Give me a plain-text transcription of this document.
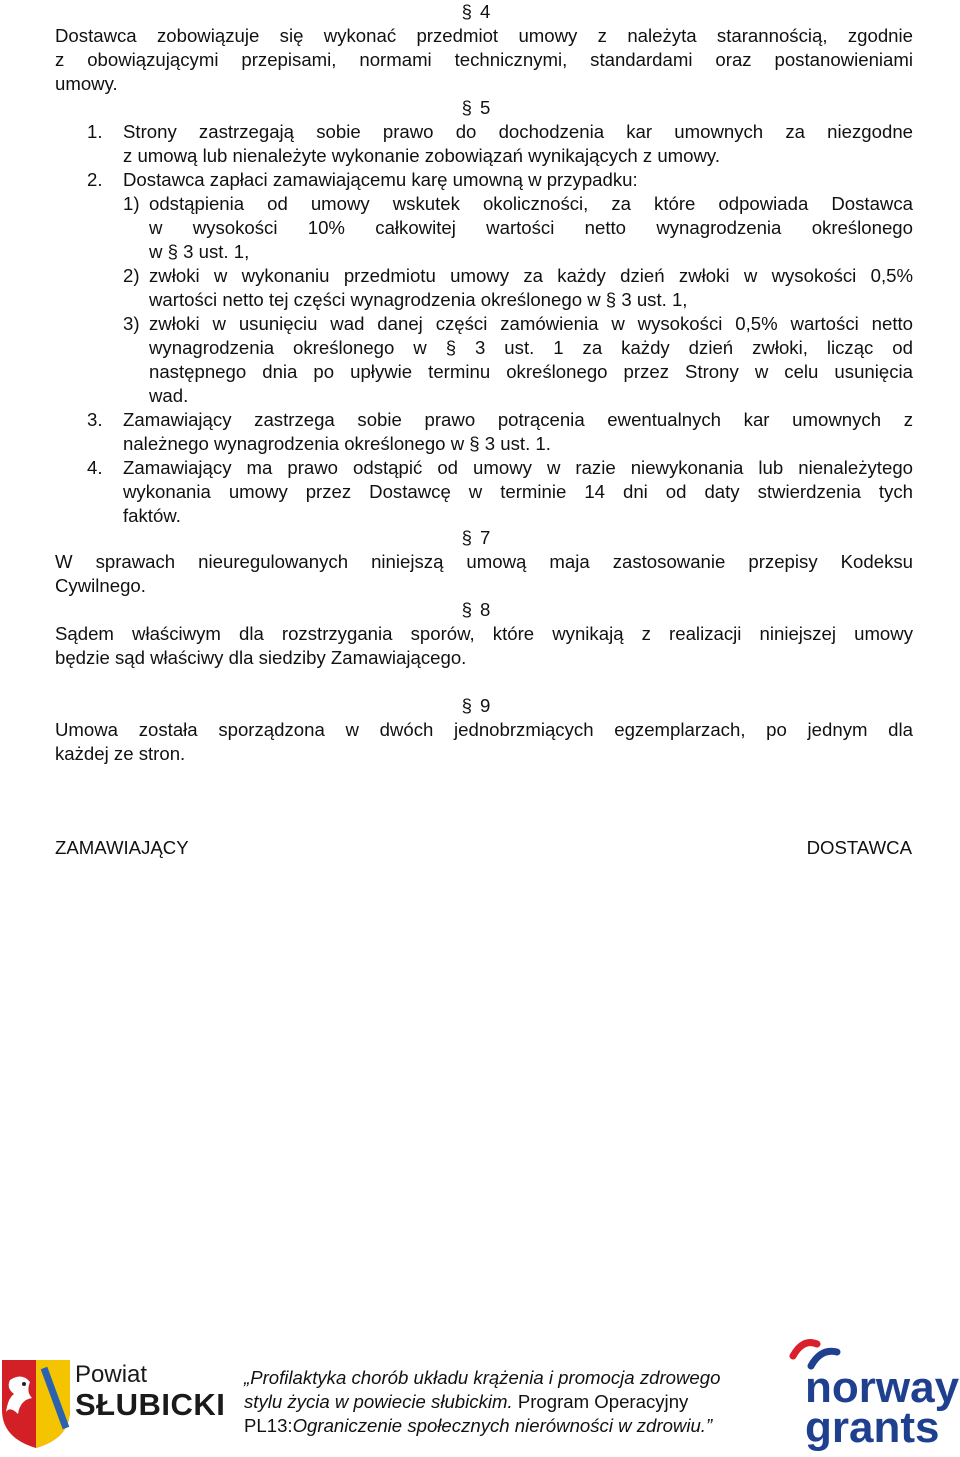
§ 4
Dostawca zobowiązuje się wykonać przedmiot umowy z należyta starannością, zgodnie
z obowiązującymi przepisami, normami technicznymi, standardami oraz postanowieniami
umowy.
§ 5
1. Strony zastrzegają sobie prawo do dochodzenia kar umownych za niezgodne
z umową lub nienależyte wykonanie zobowiązań wynikających z umowy.
2. Dostawca zapłaci zamawiającemu karę umowną w przypadku:
1) odstąpienia od umowy wskutek okoliczności, za które odpowiada Dostawca
w wysokości 10% całkowitej wartości netto wynagrodzenia określonego
w § 3 ust. 1,
2) zwłoki w wykonaniu przedmiotu umowy za każdy dzień zwłoki w wysokości 0,5%
wartości netto tej części wynagrodzenia określonego w § 3 ust. 1,
3) zwłoki w usunięciu wad danej części zamówienia w wysokości 0,5% wartości netto
wynagrodzenia określonego w § 3 ust. 1 za każdy dzień zwłoki, licząc od
następnego dnia po upływie terminu określonego przez Strony w celu usunięcia
wad.
3. Zamawiający zastrzega sobie prawo potrącenia ewentualnych kar umownych z
należnego wynagrodzenia określonego w § 3 ust. 1.
4. Zamawiający ma prawo odstąpić od umowy w razie niewykonania lub nienależytego
wykonania umowy przez Dostawcę w terminie 14 dni od daty stwierdzenia tych
faktów.
§ 7
W sprawach nieuregulowanych niniejszą umową maja zastosowanie przepisy Kodeksu
Cywilnego.
§ 8
Sądem właściwym dla rozstrzygania sporów, które wynikają z realizacji niniejszej umowy
będzie sąd właściwy dla siedziby Zamawiającego.
§ 9
Umowa została sporządzona w dwóch jednobrzmiących egzemplarzach, po jednym dla
każdej ze stron.
ZAMAWIAJĄCY	DOSTAWCA
Powiat
SŁUBICKI
„Profilaktyka chorób układu krążenia i promocja zdrowego
stylu życia w powiecie słubickim. Program Operacyjny
PL13:Ograniczenie społecznych nierówności w zdrowiu.”
norway
grants
